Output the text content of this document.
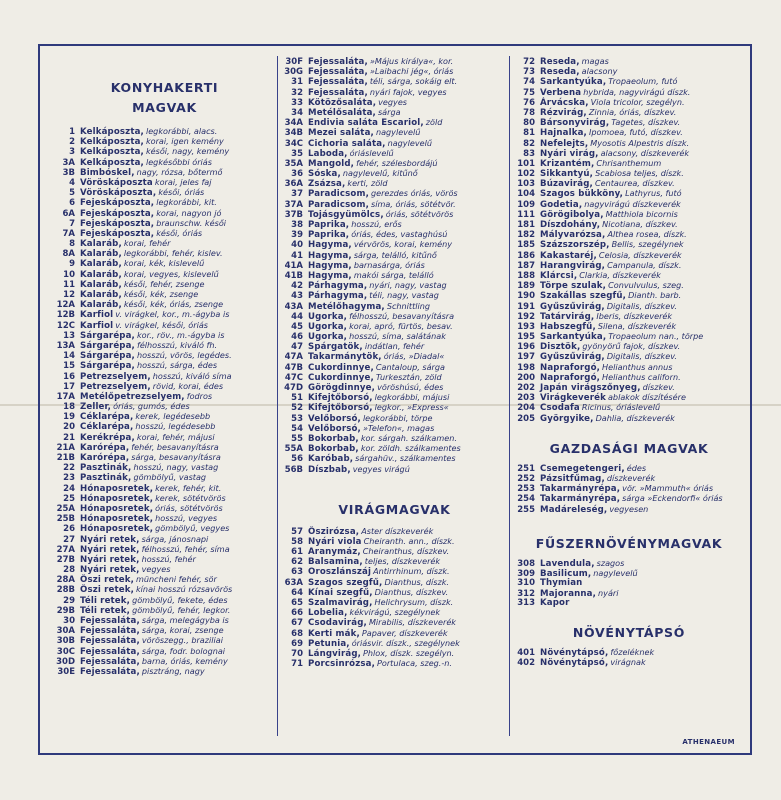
KONYHAKERTI
MAGVAK
1 Kelkáposzta, legkorábbi, alacs.
2 Kelkáposzta, korai, igen kemény
3 Kelkáposzta, késői, nagy, kemény
3A Kelkáposzta, legkésőbbi óriás
3B Bimbóskel, nagy, rózsa, bőtermő
4 Vöröskáposzta korai, jeles faj
5 Vöröskáposzta, késői, óriás
6 Fejeskáposzta, legkorábbi, kit.
6A Fejeskáposzta, korai, nagyon jó
7 Fejeskáposzta, braunschw. késői
7A Fejeskáposzta, késői, óriás
8 Kalaráb, korai, fehér
8A Kalaráb, legkorábbi, fehér, kislev.
9 Kalaráb, korai, kék, kislevelű
10 Kalaráb, korai, vegyes, kislevelű
11 Kalaráb, késői, fehér, zsenge
12 Kalaráb, késői, kék, zsenge
12A Kalaráb, késői, kék, óriás, zsenge
12B Karfiol v. virágkel, kor., m.-ágyba is
12C Karfiol v. virágkel, késői, óriás
13 Sárgarépa, kor., röv., m.-ágyba is
13A Sárgarépa, félhosszú, kiváló fh.
14 Sárgarépa, hosszú, vörös, legédes.
15 Sárgarépa, hosszú, sárga, édes
16 Petrezselyem, hosszú, kiváló síma
17 Petrezselyem, rövid, korai, édes
17A Metélőpetrezselyem, fodros
18 Zeller, óriás, gumós, édes
19 Céklarépa, kerek, legédesebb
20 Céklarépa, hosszú, legédesebb
21 Kerékrépa, korai, fehér, májusi
21A Karórépa, fehér, besavanyításra
21B Karórépa, sárga, besavanyításra
22 Pasztinák, hosszú, nagy, vastag
23 Pasztinák, gömbölyű, vastag
24 Hónaposretek, kerek, fehér, kit.
25 Hónaposretek, kerek, sötétvörös
25A Hónaposretek, óriás, sötétvörös
25B Hónaposretek, hosszú, vegyes
26 Hónaposretek, gömbölyű, vegyes
27 Nyári retek, sárga, jánosnapi
27A Nyári retek, félhosszú, fehér, síma
27B Nyári retek, hosszú, fehér
28 Nyári retek, vegyes
28A Őszi retek, müncheni fehér, sör
28B Őszi retek, kínai hosszú rózsavörös
29 Téli retek, gömbölyű, fekete, édes
29B Téli retek, gömbölyű, fehér, legkor.
30 Fejessaláta, sárga, melegágyba is
30A Fejessaláta, sárga, korai, zsenge
30B Fejessaláta, vöröszegg., braziliai
30C Fejessaláta, sárga, fodr. bolognai
30D Fejessaláta, barna, óriás, kemény
30E Fejessaláta, pisztráng, nagy
30F Fejessaláta, »Május királya«, kor.
30G Fejessaláta, »Laibachi jég«, óriás
31 Fejessaláta, téli, sárga, sokáig elt.
32 Fejessaláta, nyári fajok, vegyes
33 Kötözősaláta, vegyes
34 Metélősaláta, sárga
34A Endivia saláta Escariol, zöld
34B Mezei saláta, nagylevelű
34C Cichoria saláta, nagylevelű
35 Laboda, óriáslevelű
35A Mangold, fehér, szélesbordájú
36 Sóska, nagylevelű, kitűnő
36A Zsázsa, kerti, zöld
37 Paradicsom, gerezdes óriás, vörös
37A Paradicsom, síma, óriás, sötétvör.
37B Tojásgyümölcs, óriás, sötétvörös
38 Paprika, hosszú, erős
39 Paprika, óriás, édes, vastaghúsú
40 Hagyma, vérvörös, korai, kemény
41 Hagyma, sárga, telálló, kitűnő
41A Hagyma, barnasárga, óriás
41B Hagyma, makói sárga, telálló
42 Párhagyma, nyári, nagy, vastag
43 Párhagyma, téli, nagy, vastag
43A Metélőhagyma, Schnittling
44 Ugorka, félhosszú, besavanyításra
45 Ugorka, korai, apró, fürtös, besav.
46 Ugorka, hosszú, síma, salátának
47 Spárgatök, indátlan, fehér
47A Takarmánytök, óriás, »Diadal«
47B Cukordinnye, Cantaloup, sárga
47C Cukordinnye, Turkesztán, zöld
47D Görögdinnye, vöröshúsú, édes
51 Kifejtőborsó, legkorábbi, májusi
52 Kifejtőborsó, legkor., »Express«
53 Velőborsó, legkorábbi, törpe
54 Velőborsó, »Telefon«, magas
55 Bokorbab, kor. sárgah. szálkamen.
55A Bokorbab, kor. zöldh. szálkamentes
56 Karóbab, sárgahüv., szálkamentes
56B Díszbab, vegyes virágú
VIRÁGMAGVAK
57 Őszirózsa, Aster díszkeverék
58 Nyári viola Cheiranth. ann., díszk.
61 Aranymáz, Cheiranthus, díszkev.
62 Balsamina, teljes, díszkeverék
63 Oroszlánszáj Antirrhinum, díszk.
63A Szagos szegfű, Dianthus, díszk.
64 Kínai szegfű, Dianthus, díszkev.
65 Szalmavirág, Helichrysum, díszk.
66 Lobelia, kékvirágú, szegélynek
67 Csodavirág, Mirabilis, díszkeverék
68 Kerti mák, Papaver, díszkeverék
69 Petunia, óriásvir. díszk., szegélynek
70 Lángvirág, Phlox, díszk. szegélyn.
71 Porcsinrózsa, Portulaca, szeg.-n.
72 Reseda, magas
73 Reseda, alacsony
74 Sarkantyúka, Tropaeolum, futó
75 Verbena hybrida, nagyvirágú díszk.
76 Árvácska, Viola tricolor, szegélyn.
78 Rézvirág, Zinnia, óriás, díszkev.
80 Bársonyvirág, Tagetes, díszkev.
81 Hajnalka, Ipomoea, futó, díszkev.
82 Nefelejts, Myosotis Alpestris díszk.
83 Nyári virág, alacsony, díszkeverék
101 Krizantém, Chrisanthemum
102 Sikkantyú, Scabiosa teljes, díszk.
103 Búzavirág, Centaurea, díszkev.
104 Szagos bükköny, Lathyrus, futó
109 Godetia, nagyvirágú díszkeverék
111 Görögibolya, Matthiola bicornis
181 Díszdohány, Nicotiana, díszkev.
182 Mályvarózsa, Althea rosea, díszk.
185 Százszorszép, Bellis, szegélynek
186 Kakastaréj, Celosia, díszkeverék
187 Harangvirág, Campanula, díszk.
188 Klárcsi, Clarkia, díszkeverék
189 Törpe szulak, Convulvulus, szeg.
190 Szakállas szegfű, Dianth. barb.
191 Gyűszűvirág, Digitalis, díszkev.
192 Tatárvirág, Iberis, díszkeverék
193 Habszegfű, Silena, díszkeverék
195 Sarkantyúka, Tropaeolum nan., törpe
196 Disztök, gyönyörű fajok, díszkev.
197 Gyűszűvirág, Digitalis, díszkev.
198 Napraforgó, Helianthus annus
200 Napraforgó, Helianthus californ.
202 Japán virágszőnyeg, díszkev.
203 Virágkeverék ablakok díszítésére
204 Csodafa Ricinus, óriáslevelű
205 Györgyike, Dahlia, díszkeverék
GAZDASÁGI MAGVAK
251 Csemegetengeri, édes
252 Pázsitfűmag, díszkeverék
253 Takarmányrépa, vör. »Mammuth« óriás
254 Takarmányrépa, sárga »Eckendorfi« óriás
255 Madáreleség, vegyesen
FŰSZERNÖVÉNYMAGVAK
308 Lavendula, szagos
309 Basilicum, nagylevelű
310 Thymian
312 Majoranna, nyári
313 Kapor
NÖVÉNYTÁPSÓ
401 Növénytápsó, főzeléknek
402 Növénytápsó, virágnak
ATHENAEUM
